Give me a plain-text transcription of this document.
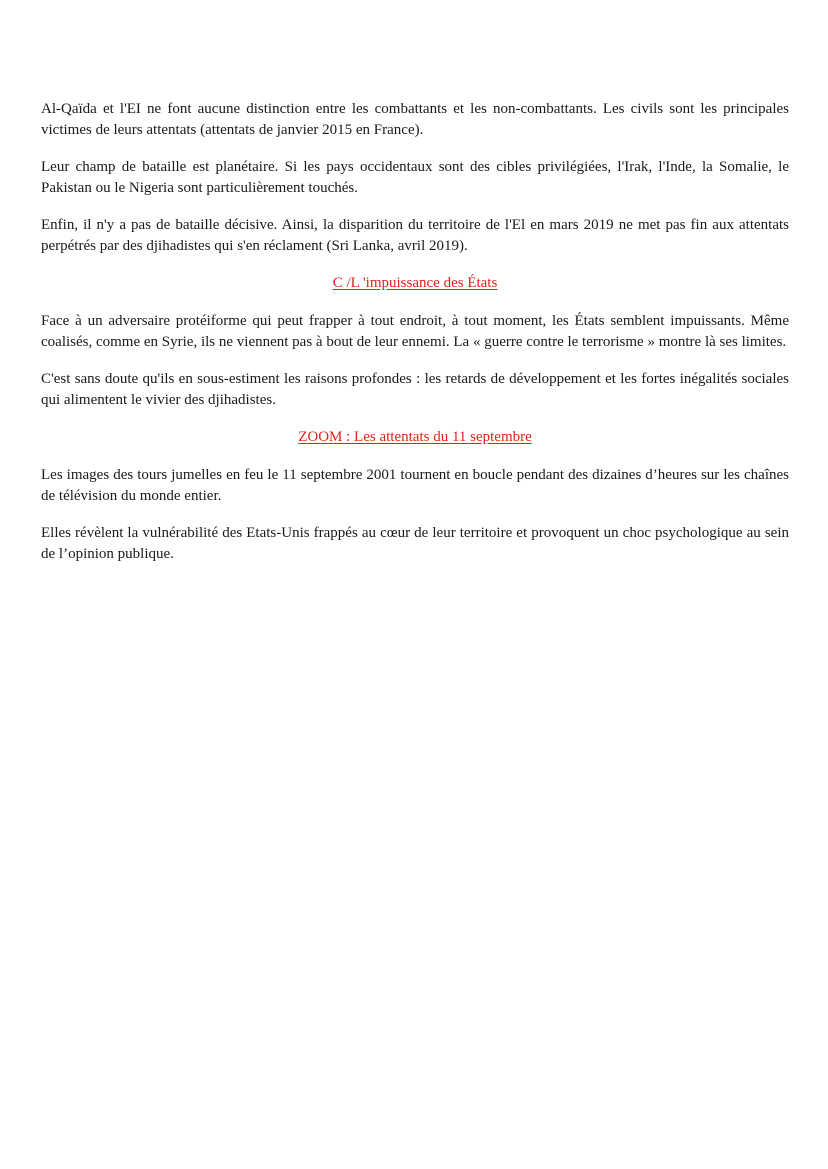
Al-Qaïda et l'EI ne font aucune distinction entre les combattants et les non-combattants. Les civils sont les principales victimes de leurs attentats (attentats de janvier 2015 en France).

Leur champ de bataille est planétaire. Si les pays occidentaux sont des cibles privilégiées, l'Irak, l'Inde, la Somalie, le Pakistan ou le Nigeria sont particulièrement touchés.

Enfin, il n'y a pas de bataille décisive. Ainsi, la disparition du territoire de l'El en mars 2019 ne met pas fin aux attentats perpétrés par des djihadistes qui s'en réclament (Sri Lanka, avril 2019).

C /L 'impuissance des États

Face à un adversaire protéiforme qui peut frapper à tout endroit, à tout moment, les États semblent impuissants. Même coalisés, comme en Syrie, ils ne viennent pas à bout de leur ennemi. La « guerre contre le terrorisme » montre là ses limites.

C'est sans doute qu'ils en sous-estiment les raisons profondes : les retards de développement et les fortes inégalités sociales qui alimentent le vivier des djihadistes.

ZOOM : Les attentats du 11 septembre

Les images des tours jumelles en feu le 11 septembre 2001 tournent en boucle pendant des dizaines d’heures sur les chaînes de télévision du monde entier.

Elles révèlent la vulnérabilité des Etats-Unis frappés au cœur de leur territoire et provoquent un choc psychologique au sein de l’opinion publique.
